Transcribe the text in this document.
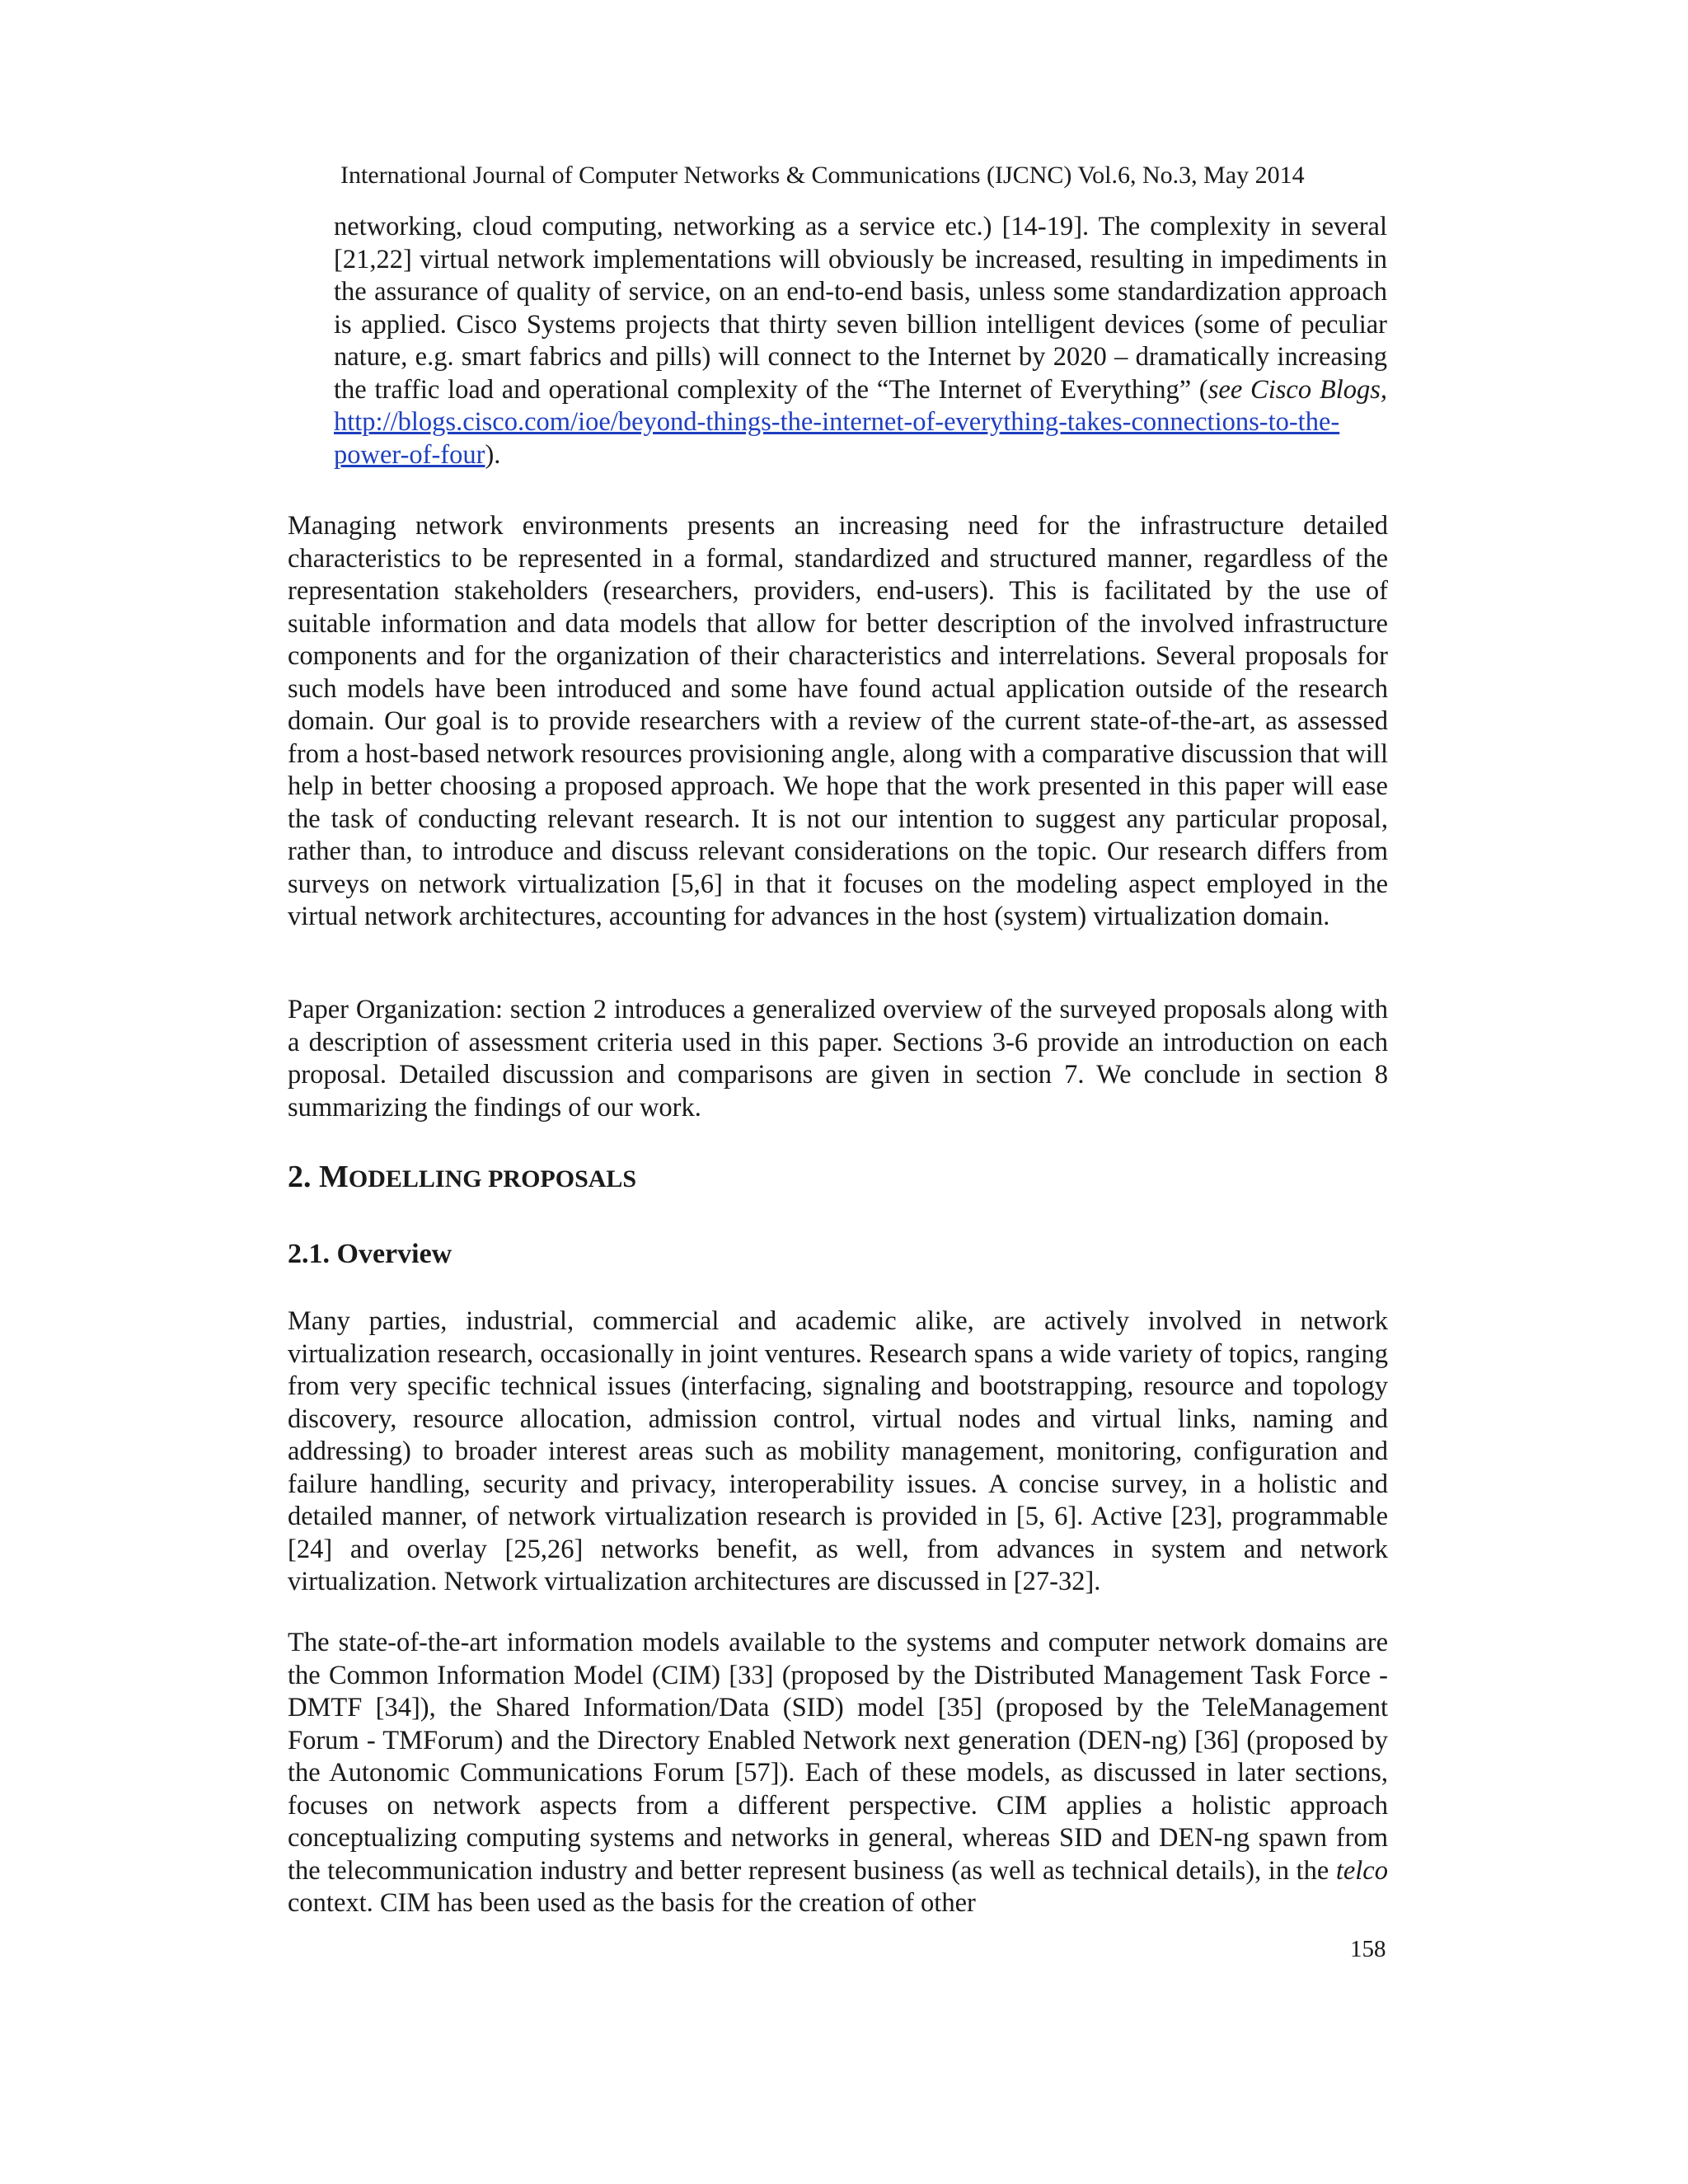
International Journal of Computer Networks & Communications (IJCNC) Vol.6, No.3, May 2014

networking, cloud computing, networking as a service etc.) [14-19]. The complexity in several [21,22] virtual network implementations will obviously be increased, resulting in impediments in the assurance of quality of service, on an end-to-end basis, unless some standardization approach is applied. Cisco Systems projects that thirty seven billion intelligent devices (some of peculiar nature, e.g. smart fabrics and pills) will connect to the Internet by 2020 – dramatically increasing the traffic load and operational complexity of the “The Internet of Everything” (see Cisco Blogs, http://blogs.cisco.com/ioe/beyond-things-the-internet-of-everything-takes-connections-to-the-power-of-four).

Managing network environments presents an increasing need for the infrastructure detailed characteristics to be represented in a formal, standardized and structured manner, regardless of the representation stakeholders (researchers, providers, end-users). This is facilitated by the use of suitable information and data models that allow for better description of the involved infrastructure components and for the organization of their characteristics and interrelations. Several proposals for such models have been introduced and some have found actual application outside of the research domain. Our goal is to provide researchers with a review of the current state-of-the-art, as assessed from a host-based network resources provisioning angle, along with a comparative discussion that will help in better choosing a proposed approach. We hope that the work presented in this paper will ease the task of conducting relevant research. It is not our intention to suggest any particular proposal, rather than, to introduce and discuss relevant considerations on the topic. Our research differs from surveys on network virtualization [5,6] in that it focuses on the modeling aspect employed in the virtual network architectures, accounting for advances in the host (system) virtualization domain.

Paper Organization: section 2 introduces a generalized overview of the surveyed proposals along with a description of assessment criteria used in this paper. Sections 3-6 provide an introduction on each proposal. Detailed discussion and comparisons are given in section 7. We conclude in section 8 summarizing the findings of our work.

2. MODELLING PROPOSALS
2.1. Overview

Many parties, industrial, commercial and academic alike, are actively involved in network virtualization research, occasionally in joint ventures. Research spans a wide variety of topics, ranging from very specific technical issues (interfacing, signaling and bootstrapping, resource and topology discovery, resource allocation, admission control, virtual nodes and virtual links, naming and addressing) to broader interest areas such as mobility management, monitoring, configuration and failure handling, security and privacy, interoperability issues. A concise survey, in a holistic and detailed manner, of network virtualization research is provided in [5, 6]. Active [23], programmable [24] and overlay [25,26] networks benefit, as well, from advances in system and network virtualization. Network virtualization architectures are discussed in [27-32].

The state-of-the-art information models available to the systems and computer network domains are the Common Information Model (CIM) [33] (proposed by the Distributed Management Task Force - DMTF [34]), the Shared Information/Data (SID) model [35] (proposed by the TeleManagement Forum - TMForum) and the Directory Enabled Network next generation (DEN-ng) [36] (proposed by the Autonomic Communications Forum [57]). Each of these models, as discussed in later sections, focuses on network aspects from a different perspective. CIM applies a holistic approach conceptualizing computing systems and networks in general, whereas SID and DEN-ng spawn from the telecommunication industry and better represent business (as well as technical details), in the telco context. CIM has been used as the basis for the creation of other

158
